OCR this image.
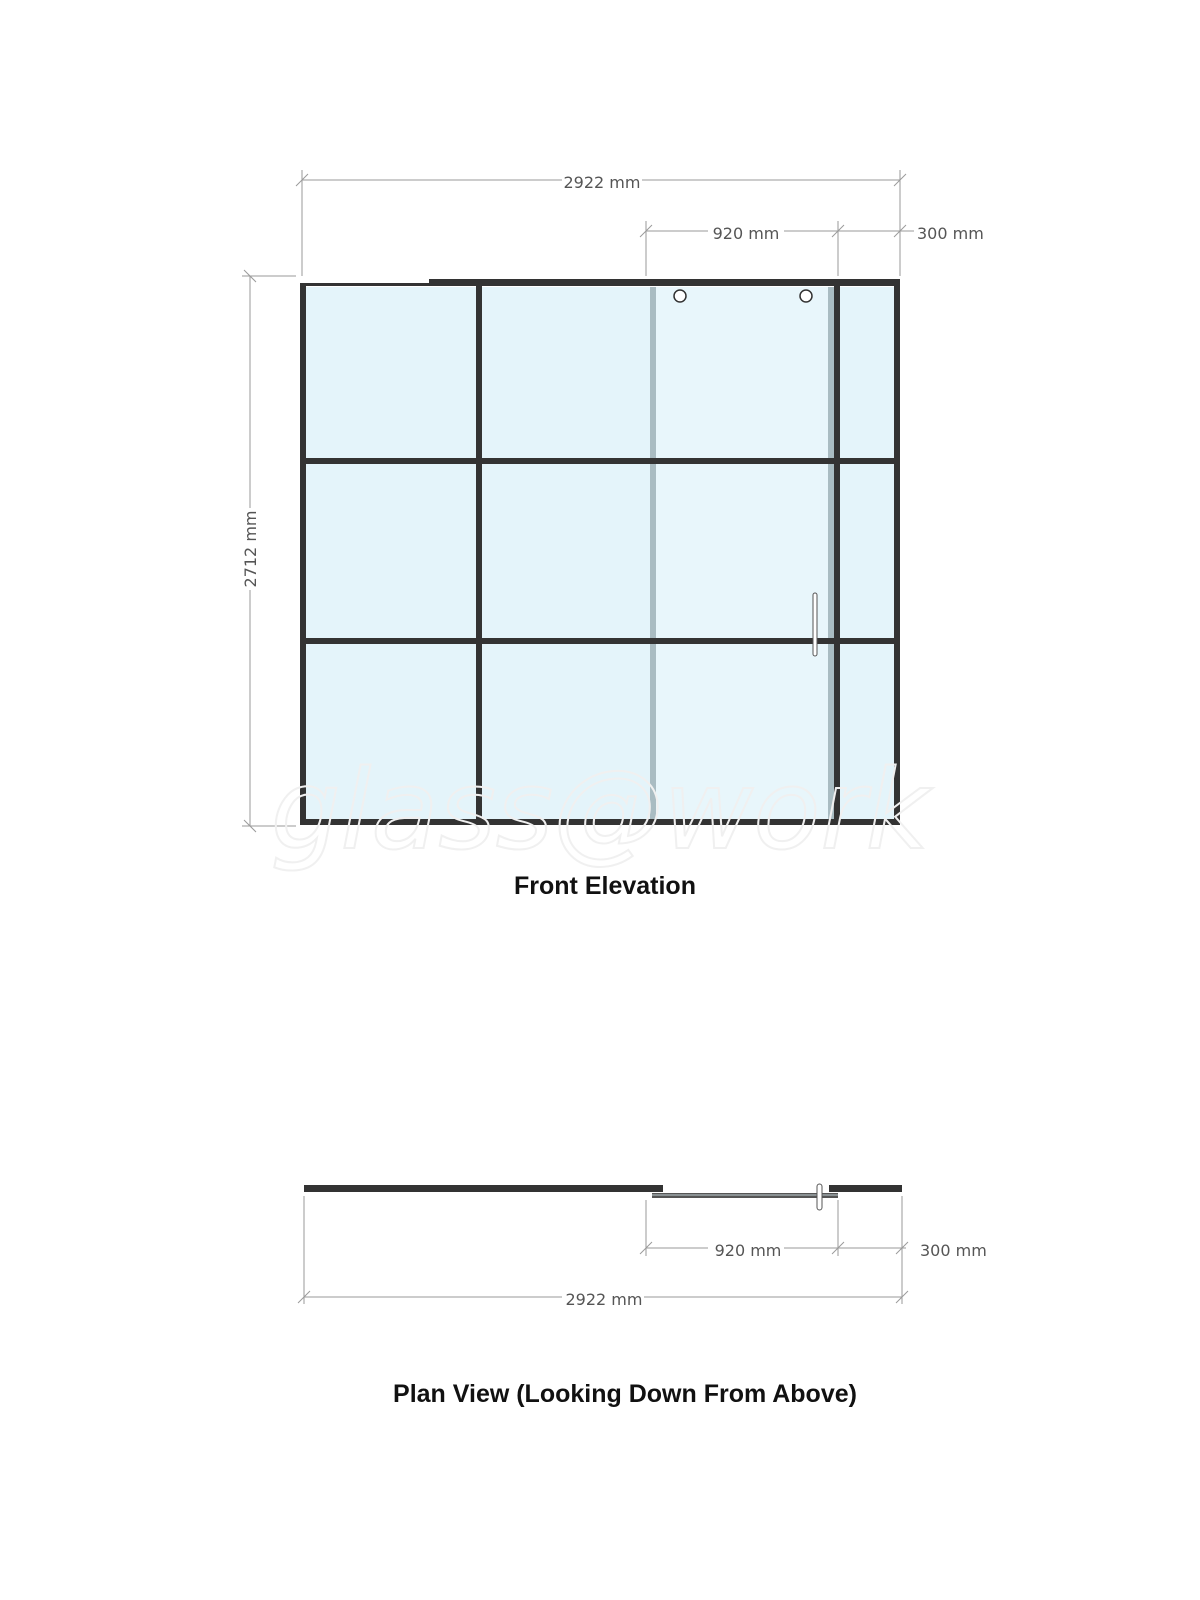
2922 mm
920 mm	300 mm
2712 mm
glass@work
Front Elevation
920 mm	300 mm
2922 mm
Plan View (Looking Down From Above)
